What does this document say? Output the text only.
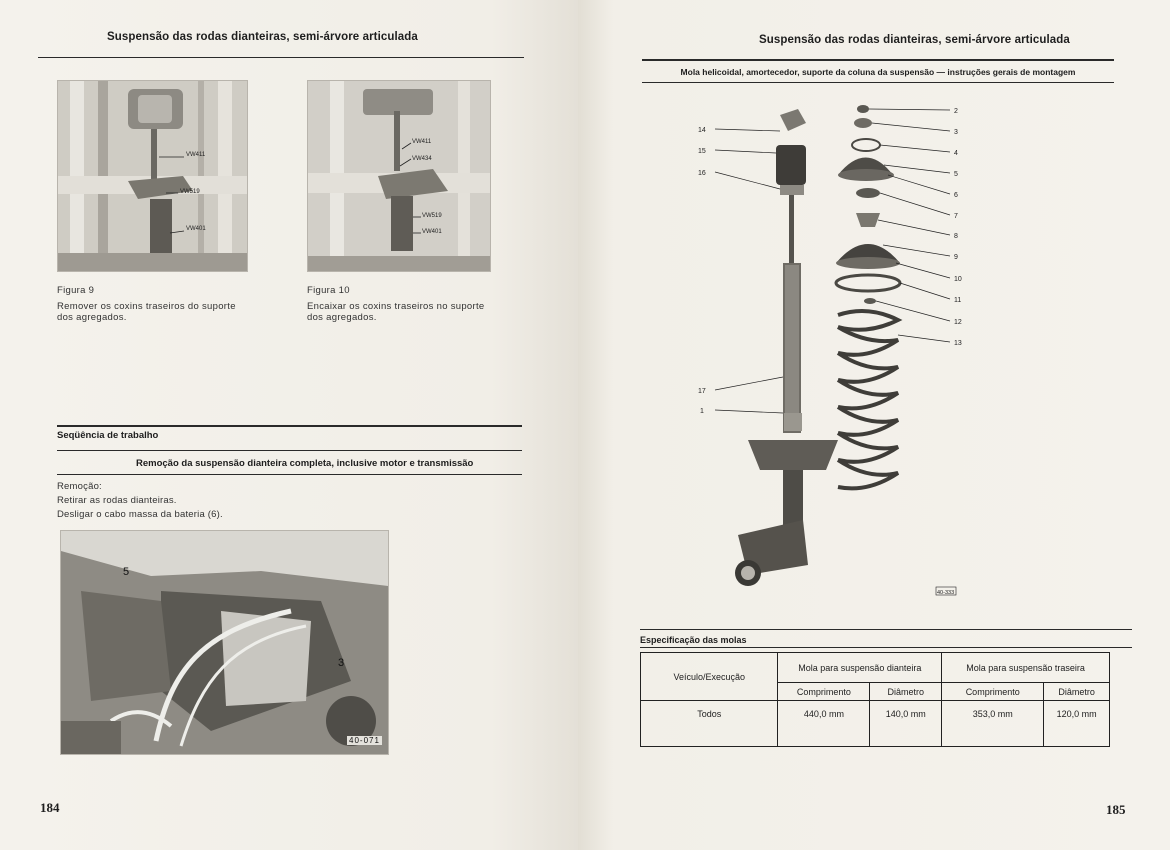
Suspensão das rodas dianteiras, semi-árvore articulada
VW411
VW519
VW401
Figura 9
Remover os coxins traseiros do suporte
dos agregados.
VW411
VW434
VW519
VW401
Figura 10
Encaixar os coxins traseiros no suporte
dos agregados.
Seqüência de trabalho
Remoção da suspensão dianteira completa, inclusive motor e transmissão
Remoção:
Retirar as rodas dianteiras.
Desligar o cabo massa da bateria (6).
5
3
40-071
184
Suspensão das rodas dianteiras, semi-árvore articulada
Mola helicoidal, amortecedor, suporte da coluna da suspensão — instruções gerais de montagem
14
15
16
17
1
2
3
4
5
6
7
8
9
10
11
12
13
40-333
Especificação das molas
Veículo/Execução	Mola para suspensão dianteira		Mola para suspensão traseira	
	Comprimento	Diâmetro	Comprimento	Diâmetro
Todos	440,0 mm	140,0 mm	353,0 mm	120,0 mm
185
